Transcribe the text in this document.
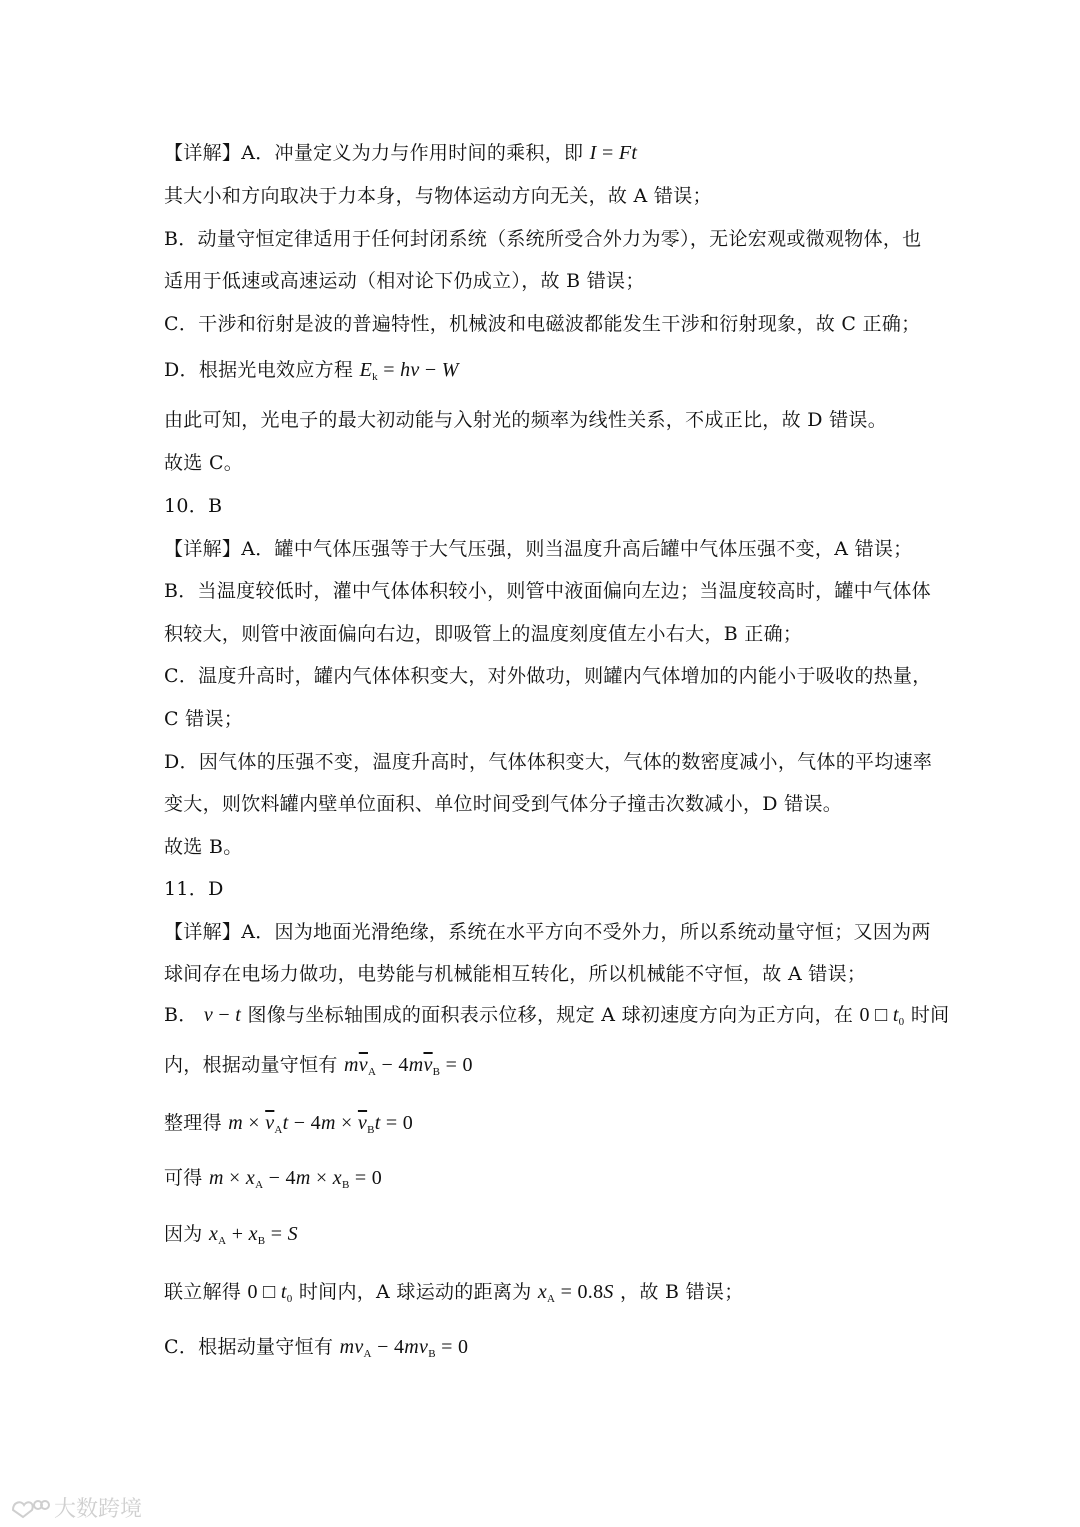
【详解】A．冲量定义为力与作用时间的乘积，即 I = Ft
其大小和方向取决于力本身，与物体运动方向无关，故 A 错误；
B．动量守恒定律适用于任何封闭系统（系统所受合外力为零），无论宏观或微观物体，也
适用于低速或高速运动（相对论下仍成立），故 B 错误；
C．干涉和衍射是波的普遍特性，机械波和电磁波都能发生干涉和衍射现象，故 C 正确；
D．根据光电效应方程 $E_k = h\nu - W$
由此可知，光电子的最大初动能与入射光的频率为线性关系，不成正比，故 D 错误。
故选 C。
10．B
【详解】A．罐中气体压强等于大气压强，则当温度升高后罐中气体压强不变，A 错误；
B．当温度较低时，灌中气体体积较小，则管中液面偏向左边；当温度较高时，罐中气体体
积较大，则管中液面偏向右边，即吸管上的温度刻度值左小右大，B 正确；
C．温度升高时，罐内气体体积变大，对外做功，则罐内气体增加的内能小于吸收的热量，
C 错误；
D．因气体的压强不变，温度升高时，气体体积变大，气体的数密度减小，气体的平均速率
变大，则饮料罐内壁单位面积、单位时间受到气体分子撞击次数减小，D 错误。
故选 B。
11．D
【详解】A．因为地面光滑绝缘，系统在水平方向不受外力，所以系统动量守恒；又因为两
球间存在电场力做功，电势能与机械能相互转化，所以机械能不守恒，故 A 错误；
B． v − t 图像与坐标轴围成的面积表示位移，规定 A 球初速度方向为正方向，在 0 □ $t_0$ 时间
内，根据动量守恒有 $m\overline{v}_A - 4m\overline{v}_B = 0$
整理得 $m \times \overline{v}_At - 4m \times \overline{v}_Bt = 0$
可得 $m \times x_A - 4m \times x_B = 0$
因为 $x_A + x_B = S$
联立解得 0 □ $t_0$ 时间内，A 球运动的距离为 $x_A = 0.8S$ ，故 B 错误；
C．根据动量守恒有 $mv_A - 4mv_B = 0$
大数跨境
